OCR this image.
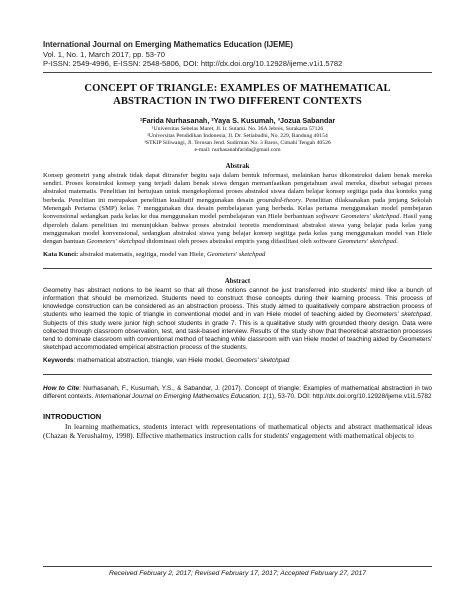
International Journal on Emerging Mathematics Education (IJEME)
Vol. 1, No. 1, March 2017, pp. 53-70
P-ISSN: 2549-4996, E-ISSN: 2548-5806, DOI: http://dx.doi.org/10.12928/ijeme.v1i1.5782
CONCEPT OF TRIANGLE: EXAMPLES OF MATHEMATICAL
ABSTRACTION IN TWO DIFFERENT CONTEXTS
¹Farida Nurhasanah, ²Yaya S. Kusumah, ³Jozua Sabandar
¹Universitas Sebelas Maret, Jl. Ir. Sutami. No. 36A Jebres, Surakarta 57126
²Universitas Pendidikan Indonesia, Jl. Dr. Setiabudhi, No. 229, Bandung 40154
³STKIP Siliwangi, Jl. Terusan Jend. Sudirman No. 3 Baros, Cimahi Tengah 40526
e-mail: nurhasanahfarida@gmail.com
Abstrak
Konsep geometri yang abstrak tidak dapat ditransfer begitu saja dalam bentuk informasi, melainkan harus dikonstruksi dalam benak mereka sendiri. Proses konstruksi konsep yang terjadi dalam benak siswa dengan memanfaatkan pengetahuan awal mereka, disebut sebagai proses abstraksi matematis. Penelitian ini bertujuan untuk mengeksplorasi proses abstraksi siswa dalam belajar konsep segitiga pada dua konteks yang berbeda. Penelitian ini merupakan penelitian kualitatif menggunakan desain grounded-theory. Penelitian dilaksanakan pada jenjang Sekolah Menengah Pertama (SMP) kelas 7 menggunakan dua desain pembelajaran yang berbeda. Kelas pertama menggunakan model pembejaran konvensional sedangkan pada kelas ke dua menggunakan model pembelajaran van Hiele berbantuan software Geometers' sketchpad. Hasil yang diperoleh dalam penelitian ini menunjukkan bahwa proses abstraksi teoretis mendominasi abstraksi siswa yang belajar pada kelas yang menggunakan model konvensional, sedangkan abstraksi siswa yang belajar konsep segitiga pada kelas yang menggunakan model van Hiele dengan bantuan Geometers' sketchpad didominasi oleh proses abstraksi empiris yang difasilitasi oleh software Geometers' sketchpad.
Kata Kunci: abstraksi matematis, segitiga, model van Hiele, Geometers' sketchpad
Abstract
Geometry has abstract notions to be learnt so that all those notions cannot be just transferred into students' mind like a bunch of information that should be memorized. Students need to construct those concepts during their learning process. This process of knowledge construction can be considered as an abstraction process. This study aimed to qualitatively compare abstraction process of students who learned the topic of triangle in conventional model and in van Hiele model of teaching aided by Geometers' sketchpad. Subjects of this study were junior high school students in grade 7. This is a qualitative study with grounded theory design. Data were collected through classroom observation, test, and task-based interview. Results of the study show that theoretical abstraction processes tend to dominate classroom with conventional method of teaching while classroom with van Hiele model of teaching aided by Geometers' sketchpad accommodated empirical abstraction process of the students.
Keywords: mathematical abstraction, triangle, van Hiele model, Geometers' sketchpad
How to Cite: Nurhasanah, F., Kusumah, Y.S., & Sabandar, J. (2017). Concept of triangle: Examples of mathematical abstraction in two different contexts. International Journal on Emerging Mathematics Education, 1(1), 53-70. DOI: http://dx.doi.org/10.12928/ijeme.v1i1.5782
INTRODUCTION
In learning mathematics, students interact with representations of mathematical objects and abstract mathematical ideas (Chazan & Yerushalmy, 1998). Effective mathematics instruction calls for students' engagement with mathematical objects to
Received February 2, 2017; Revised February 17, 2017; Accepted February 27, 2017
